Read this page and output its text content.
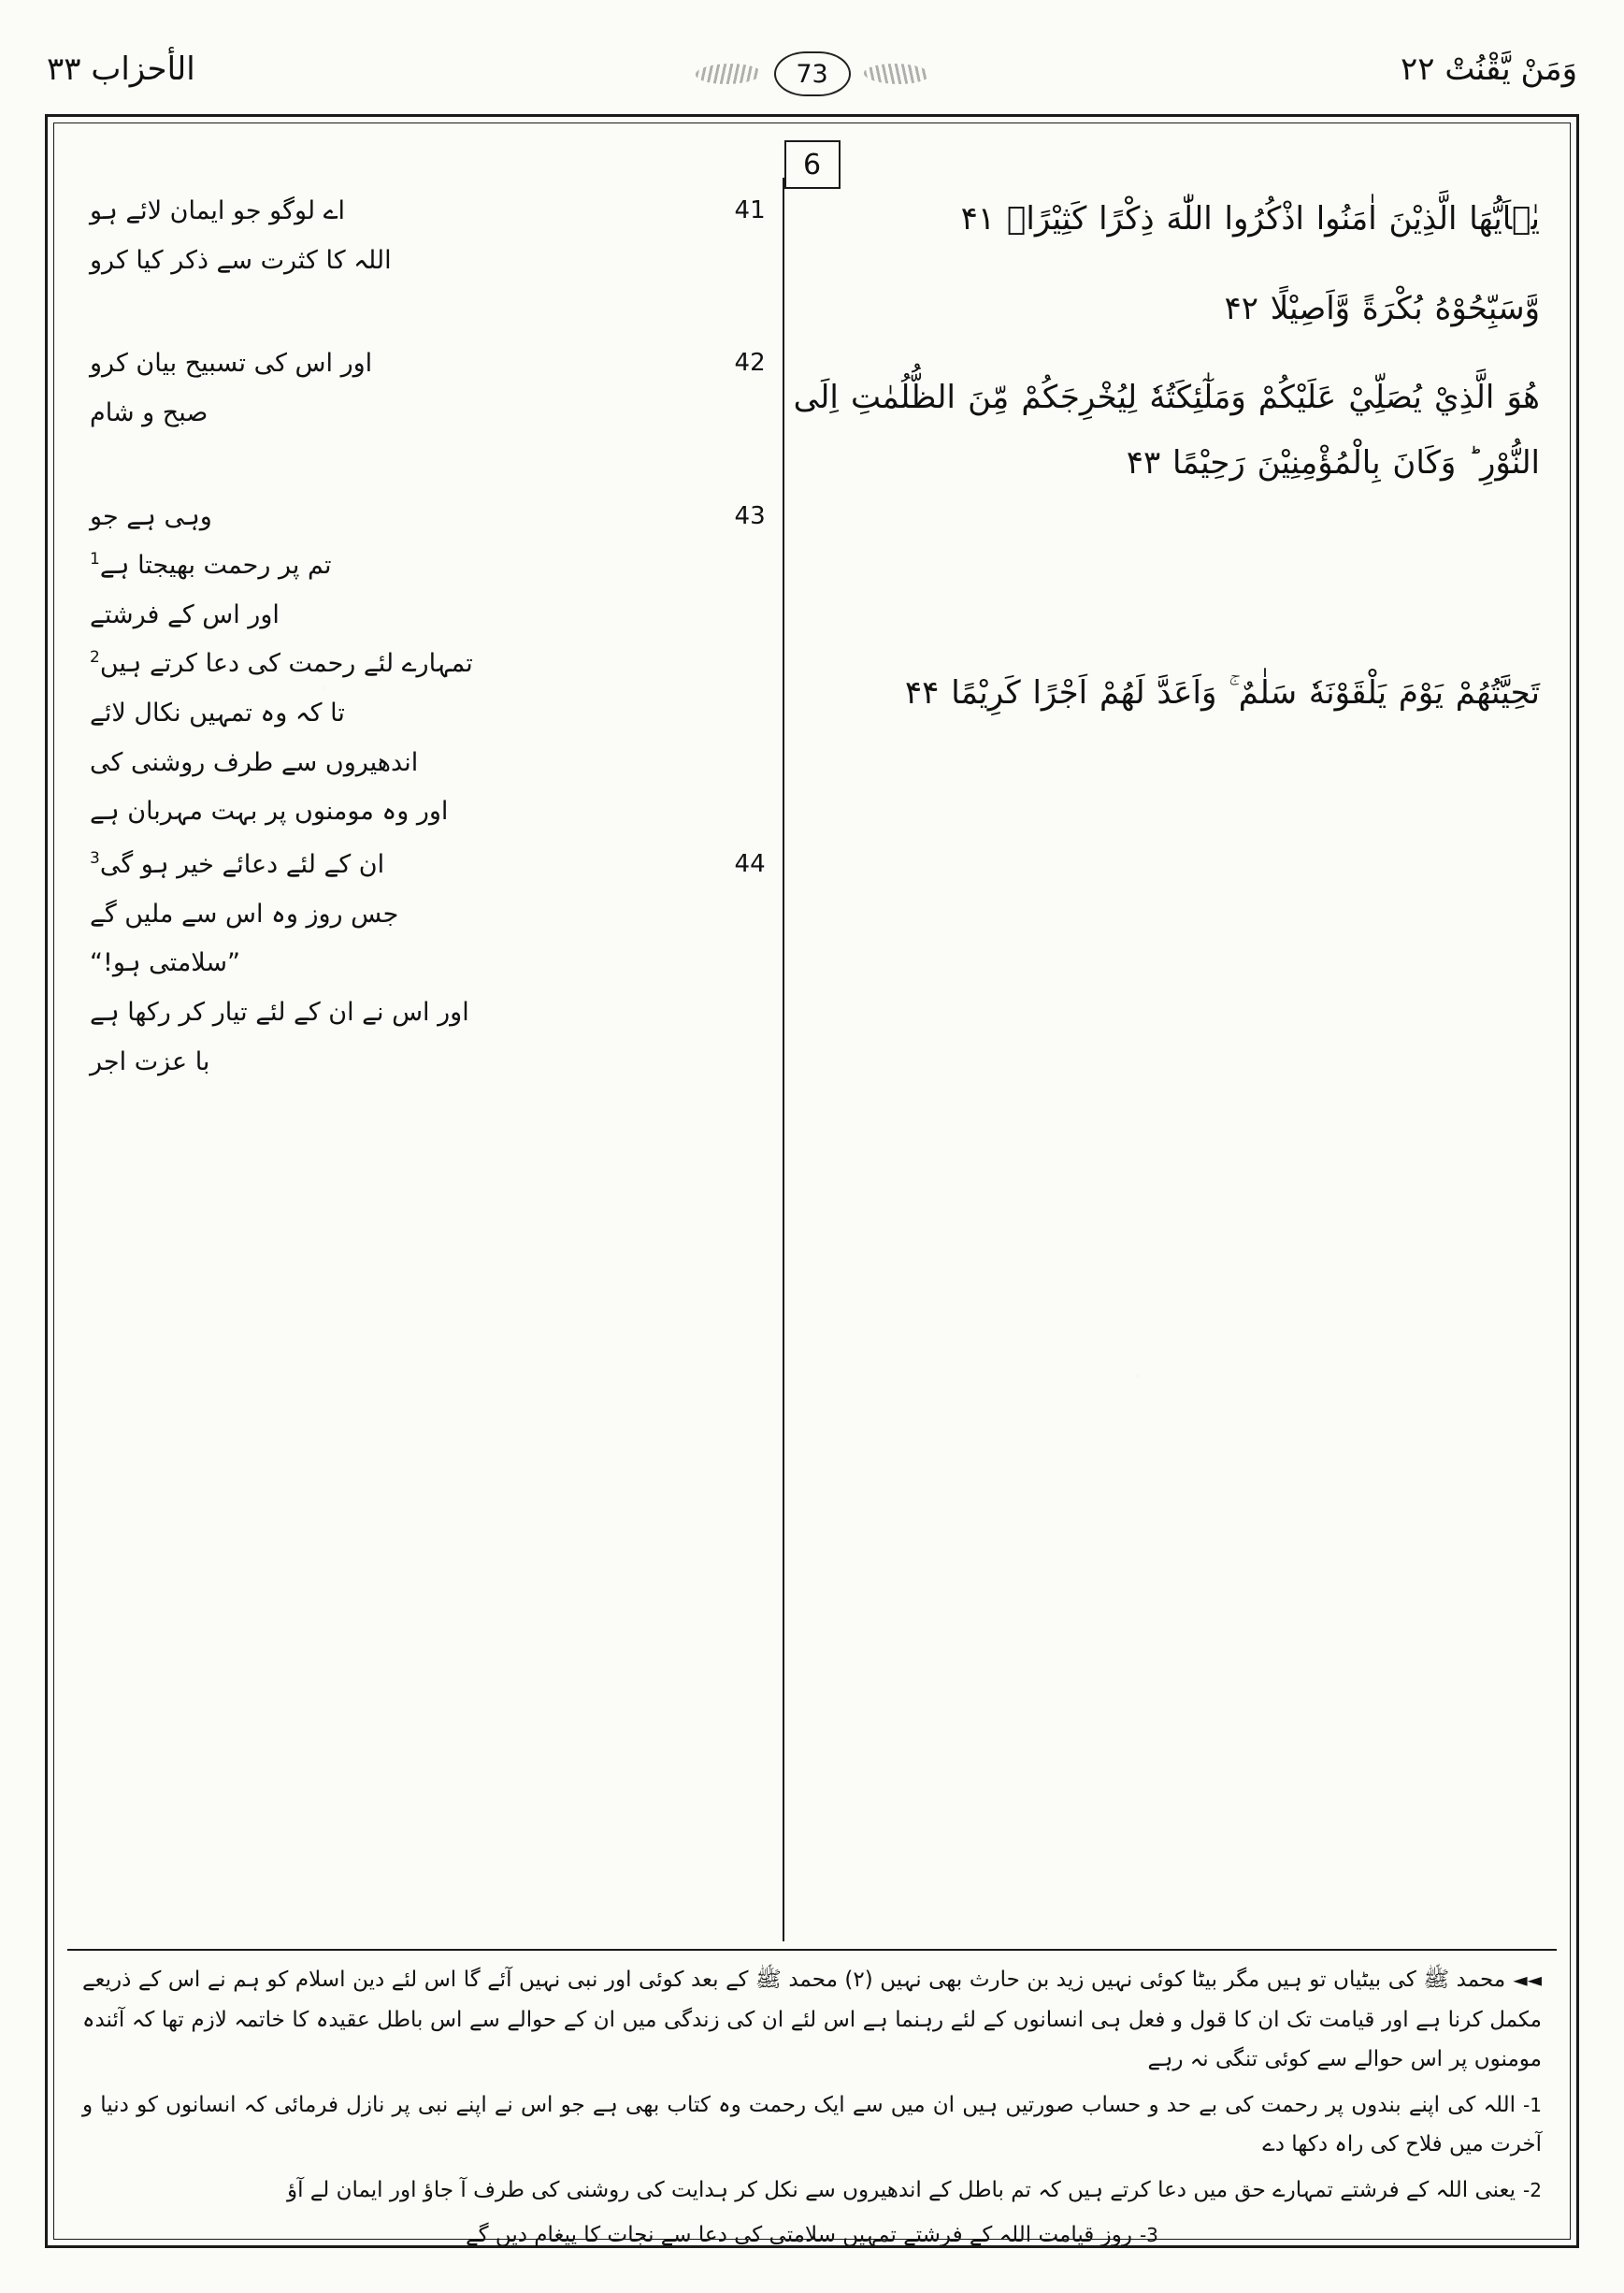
الأحزاب ٣٣	وَمَنْ يَّقْنُتْ ٢٢
73
6
يٰۤاَيُّهَا الَّذِيْنَ اٰمَنُوا اذْكُرُوا اللّٰهَ ذِكْرًا كَثِيْرًاۙ ۴۱
وَّسَبِّحُوْهُ بُكْرَةً وَّاَصِيْلًا ۴۲
هُوَ الَّذِيْ يُصَلِّيْ عَلَيْكُمْ وَمَلٰٓئِكَتُهٗ لِيُخْرِجَكُمْ مِّنَ الظُّلُمٰتِ اِلَى النُّوْرِ ؕ وَكَانَ بِالْمُؤْمِنِيْنَ رَحِيْمًا ۴۳
تَحِيَّتُهُمْ يَوْمَ يَلْقَوْنَهٗ سَلٰمٌ ۚ وَاَعَدَّ لَهُمْ اَجْرًا كَرِيْمًا ۴۴
41
اے لوگو جو ایمان لائے ہو
اللہ کا کثرت سے ذکر کیا کرو
42
اور اس کی تسبیح بیان کرو
صبح و شام
43
وہی ہے جو
تم پر رحمت بھیجتا ہے$^1$
اور اس کے فرشتے
تمہارے لئے رحمت کی دعا کرتے ہیں$^2$
تا کہ وہ تمہیں نکال لائے
اندھیروں سے طرف روشنی کی
اور وہ مومنوں پر بہت مہربان ہے
44
ان کے لئے دعائے خیر ہو گی$^3$
جس روز وہ اس سے ملیں گے
”سلامتی ہو!“
اور اس نے ان کے لئے تیار کر رکھا ہے
با عزت اجر
◄◄محمد ﷺ کی بیٹیاں تو ہیں مگر بیٹا کوئی نہیں زید بن حارث بھی نہیں (۲) محمد ﷺ کے بعد کوئی اور نبی نہیں آئے گا اس لئے دین اسلام کو ہم نے اس کے ذریعے مکمل کرنا ہے اور قیامت تک ان کا قول و فعل ہی انسانوں کے لئے رہنما ہے اس لئے ان کی زندگی میں ان کے حوالے سے اس باطل عقیدہ کا خاتمہ لازم تھا کہ آئندہ مومنوں پر اس حوالے سے کوئی تنگی نہ رہے
1-اللہ کی اپنے بندوں پر رحمت کی بے حد و حساب صورتیں ہیں ان میں سے ایک رحمت وہ کتاب بھی ہے جو اس نے اپنے نبی پر نازل فرمائی کہ انسانوں کو دنیا و آخرت میں فلاح کی راہ دکھا دے
2-یعنی اللہ کے فرشتے تمہارے حق میں دعا کرتے ہیں کہ تم باطل کے اندھیروں سے نکل کر ہدایت کی روشنی کی طرف آ جاؤ اور ایمان لے آؤ
3-روز قیامت اللہ کے فرشتے تمہیں سلامتی کی دعا سے نجات کا پیغام دیں گے
